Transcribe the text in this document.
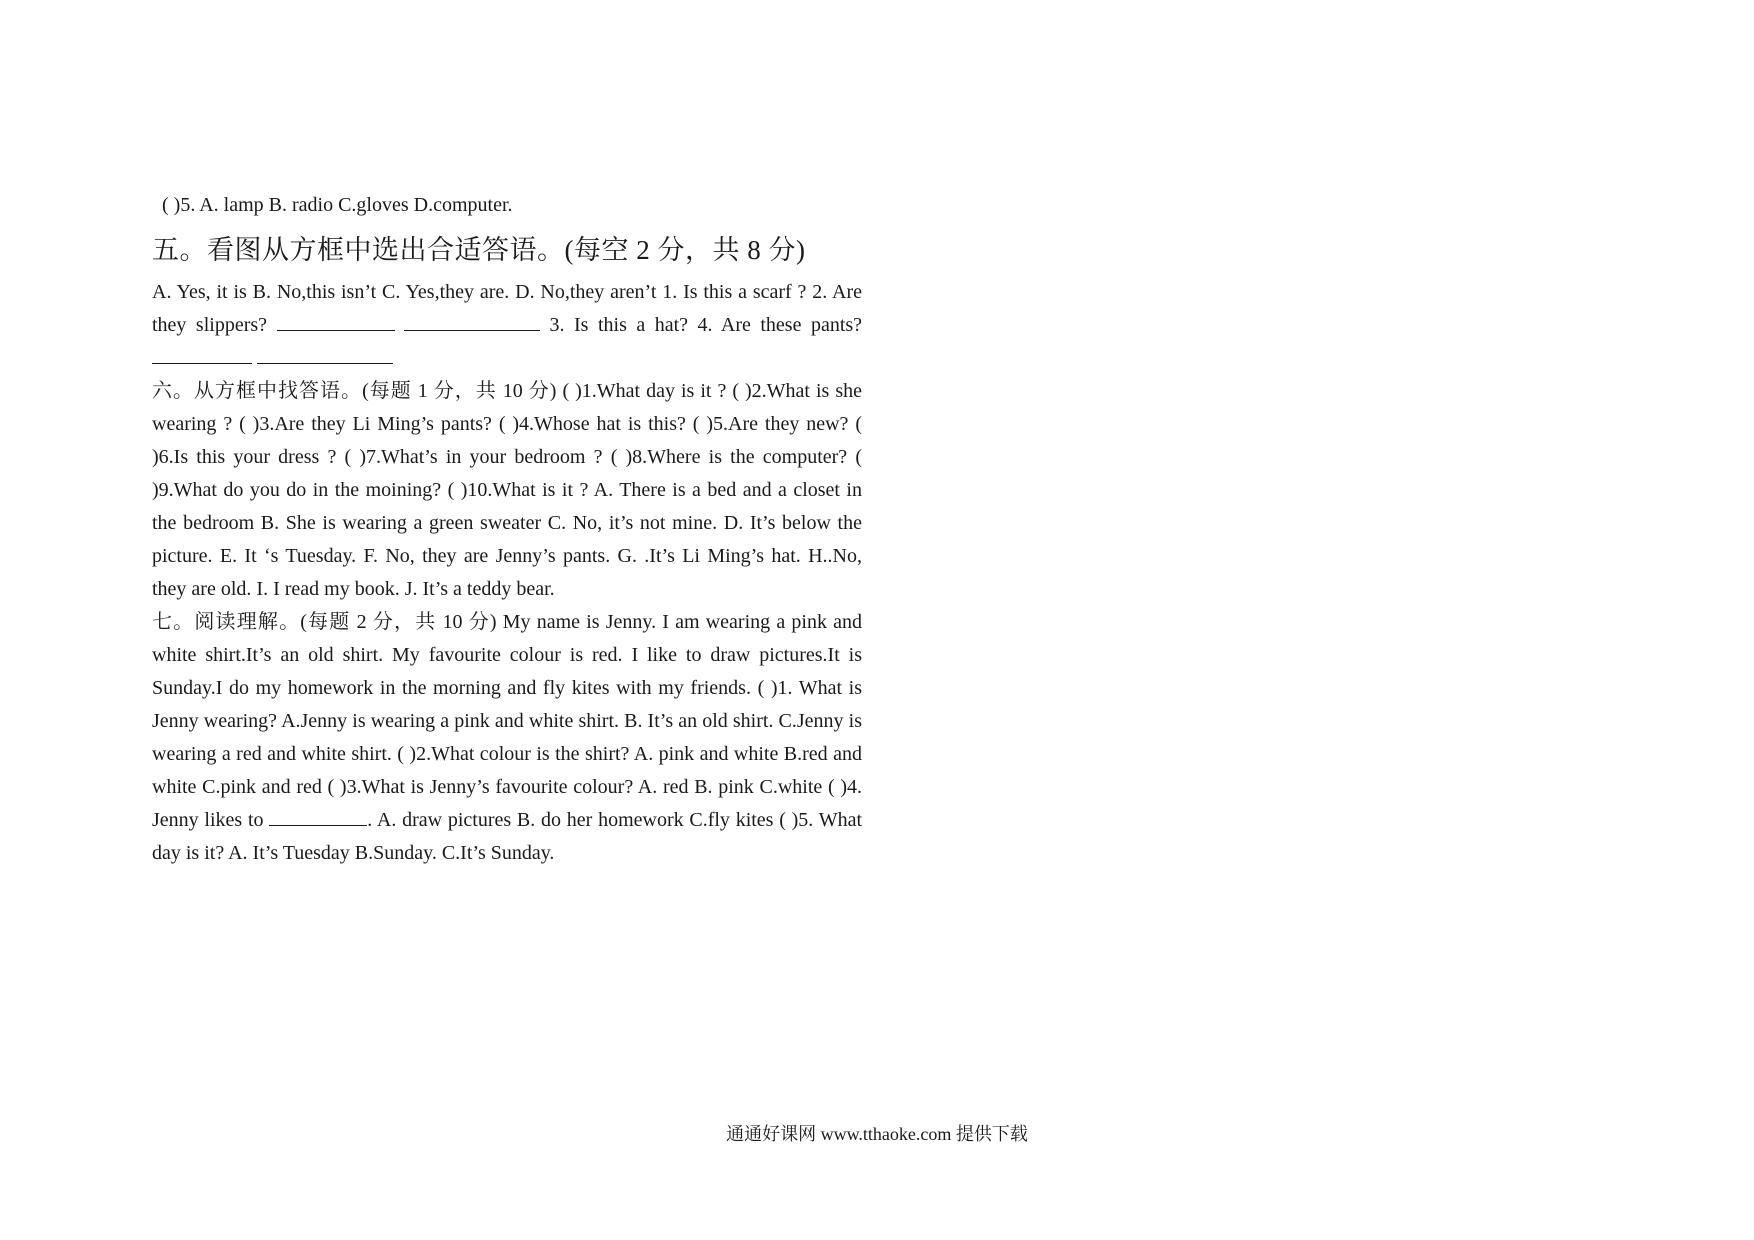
( )5. A. lamp B. radio C.gloves D.computer.

五。看图从方框中选出合适答语。(每空 2 分，共 8 分)

A. Yes, it is B. No,this isn’t C. Yes,they are. D. No,they aren’t 1. Is this a scarf ? 2. Are they slippers?	3. Is this a hat? 4. Are these pants?

六。从方框中找答语。(每题 1 分，共 10 分) ( )1.What day is it ? ( )2.What is she wearing ? ( )3.Are they Li Ming’s pants? ( )4.Whose hat is this? ( )5.Are they new? ( )6.Is this your dress ? ( )7.What’s in your bedroom ? ( )8.Where is the computer? ( )9.What do you do in the moining? ( )10.What is it ? A. There is a bed and a closet in the bedroom B. She is wearing a green sweater C. No, it’s not mine. D. It’s below the picture. E. It ‘s Tuesday. F. No, they are Jenny’s pants. G. .It’s Li Ming’s hat. H..No, they are old. I. I read my book. J. It’s a teddy bear.

七。阅读理解。(每题 2 分，共 10 分) My name is Jenny. I am wearing a pink and white shirt.It’s an old shirt. My favourite colour is red. I like to draw pictures.It is Sunday.I do my homework in the morning and fly kites with my friends. ( )1. What is Jenny wearing? A.Jenny is wearing a pink and white shirt. B. It’s an old shirt. C.Jenny is wearing a red and white shirt. ( )2.What colour is the shirt? A. pink and white B.red and white C.pink and red ( )3.What is Jenny’s favourite colour? A. red B. pink C.white ( )4. Jenny likes to	. A. draw pictures B. do her homework C.fly kites ( )5. What day is it? A. It’s Tuesday B.Sunday. C.It’s Sunday.

通通好课网 www.tthaoke.com 提供下载
